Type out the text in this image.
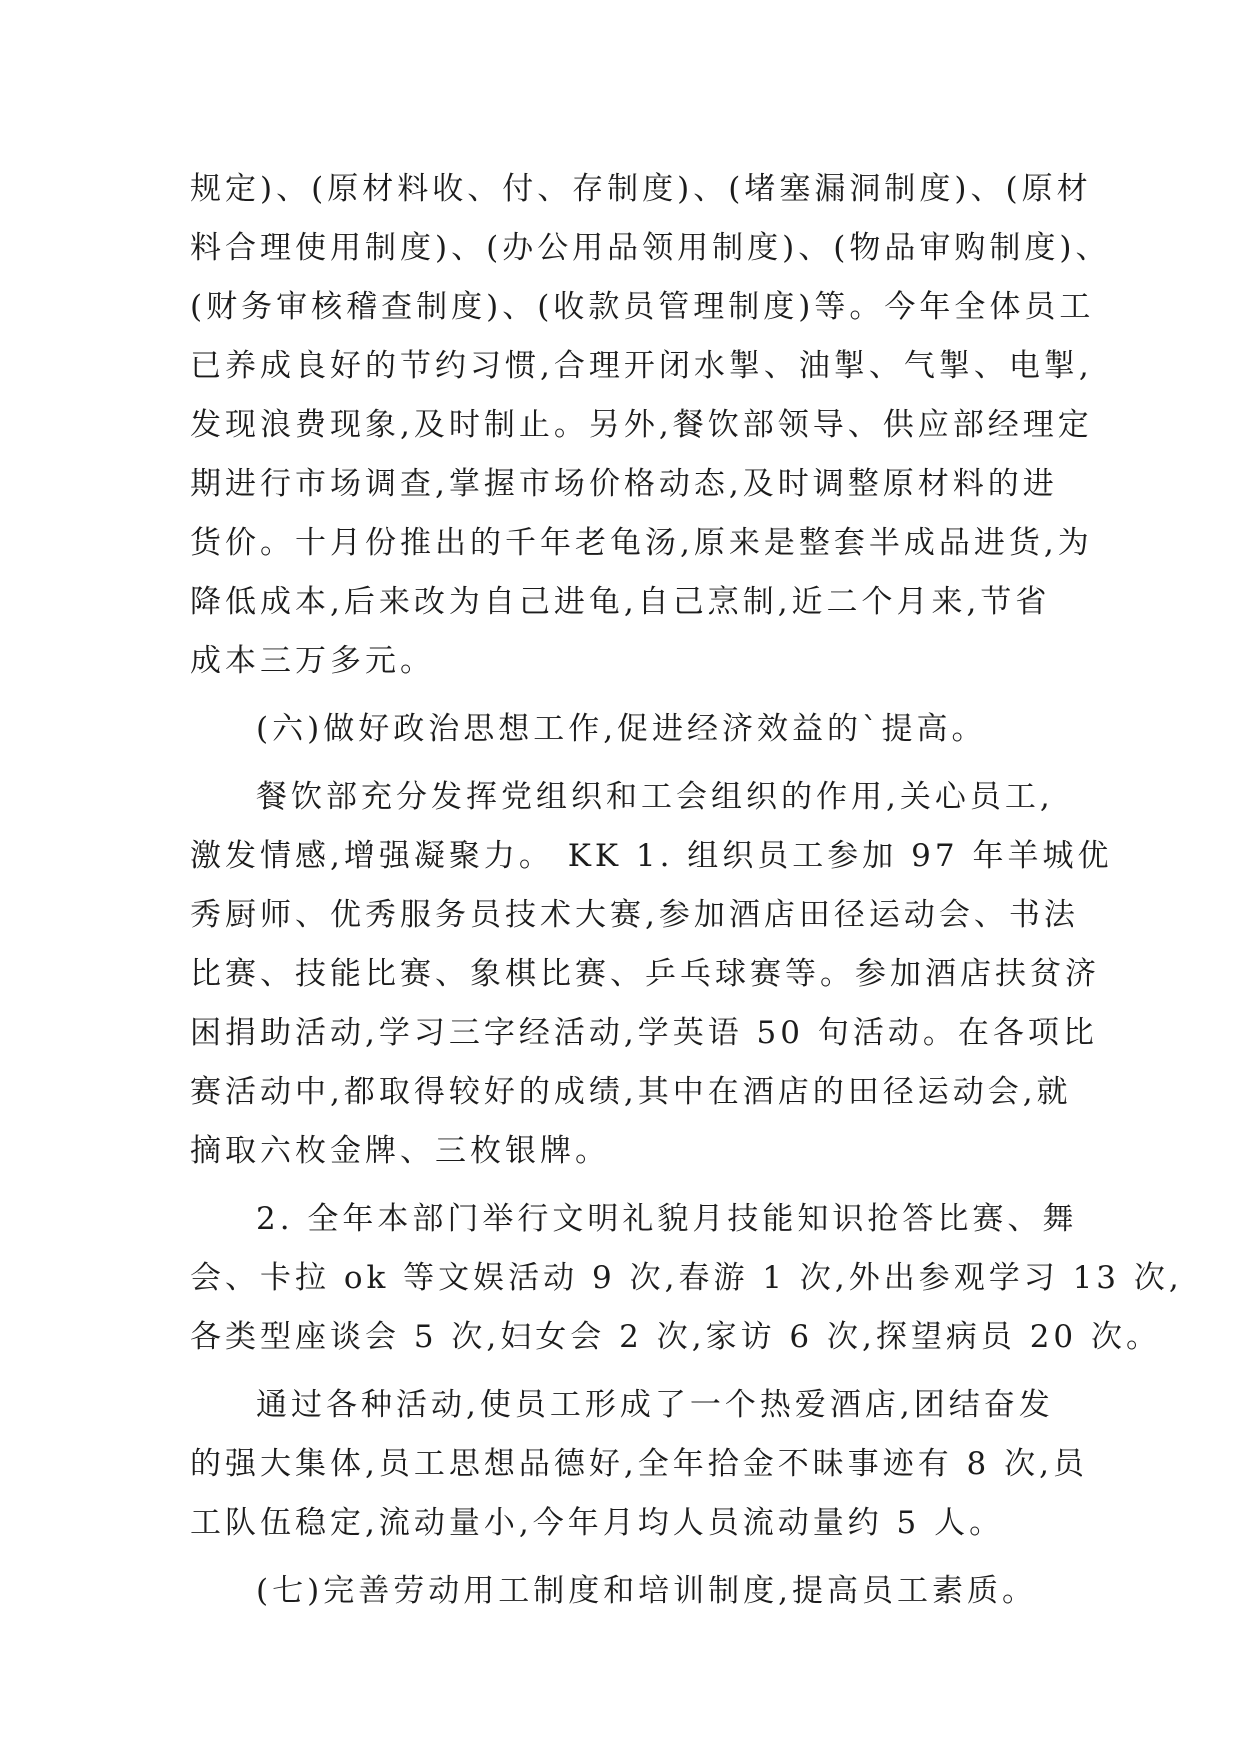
规定)、(原材料收、付、存制度)、(堵塞漏洞制度)、(原材
料合理使用制度)、(办公用品领用制度)、(物品审购制度)、
(财务审核稽查制度)、(收款员管理制度)等。今年全体员工
已养成良好的节约习惯,合理开闭水掣、油掣、气掣、电掣,
发现浪费现象,及时制止。另外,餐饮部领导、供应部经理定
期进行市场调查,掌握市场价格动态,及时调整原材料的进
货价。十月份推出的千年老龟汤,原来是整套半成品进货,为
降低成本,后来改为自己进龟,自己烹制,近二个月来,节省
成本三万多元。
(六)做好政治思想工作,促进经济效益的`提高。
餐饮部充分发挥党组织和工会组织的作用,关心员工,
激发情感,增强凝聚力。 KK 1. 组织员工参加 97 年羊城优
秀厨师、优秀服务员技术大赛,参加酒店田径运动会、书法
比赛、技能比赛、象棋比赛、乒乓球赛等。参加酒店扶贫济
困捐助活动,学习三字经活动,学英语 50 句活动。在各项比
赛活动中,都取得较好的成绩,其中在酒店的田径运动会,就
摘取六枚金牌、三枚银牌。
2. 全年本部门举行文明礼貌月技能知识抢答比赛、舞
会、卡拉 ok 等文娱活动 9 次,春游 1 次,外出参观学习 13 次,
各类型座谈会 5 次,妇女会 2 次,家访 6 次,探望病员 20 次。
通过各种活动,使员工形成了一个热爱酒店,团结奋发
的强大集体,员工思想品德好,全年拾金不昧事迹有 8 次,员
工队伍稳定,流动量小,今年月均人员流动量约 5 人。
(七)完善劳动用工制度和培训制度,提高员工素质。
